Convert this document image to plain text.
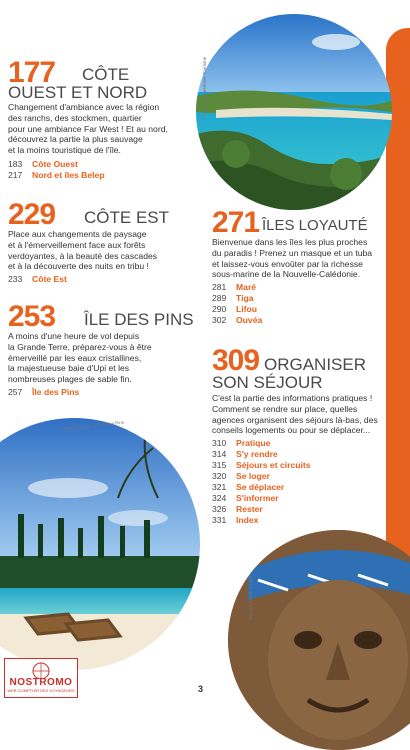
© Nouvelle-Calédonie Tourisme
177 CÔTE
OUEST ET NORD
Changement d'ambiance avec la région
des ranchs, des stockmen, quartier
pour une ambiance Far West ! Et au nord,
découvrez la partie la plus sauvage
et la moins touristique de l'île.
183 Côte Ouest
217 Nord et îles Belep
229 CÔTE EST
Place aux changements de paysage
et à l'émerveillement face aux forêts
verdoyantes, à la beauté des cascades
et à la découverte des nuits en tribu !
233 Côte Est
253 ÎLE DES PINS
A moins d'une heure de vol depuis
la Grande Terre, préparez-vous à être
émerveillé par les eaux cristallines,
la majestueuse baie d'Upi et les
nombreuses plages de sable fin.
257 Île des Pins
271 ÎLES LOYAUTÉ
Bienvenue dans les îles les plus proches
du paradis ! Prenez un masque et un tuba
et laissez-vous envoûter par la richesse
sous-marine de la Nouvelle-Calédonie.
281 Maré
289 Tiga
290 Lifou
302 Ouvéa
309 ORGANISER
SON SÉJOUR
C'est la partie des informations pratiques !
Comment se rendre sur place, quelles
agences organisent des séjours là-bas, des
conseils logements ou pour se déplacer...
310 Pratique
314 S'y rendre
315 Séjours et circuits
320 Se loger
321 Se déplacer
324 S'informer
326 Rester
331 Index
Plage de Kuto sur l'île des Pins
Masque kanak sculpté
3
NOSTROMO
WEB COMPTOIR DES VOYAGEURS
